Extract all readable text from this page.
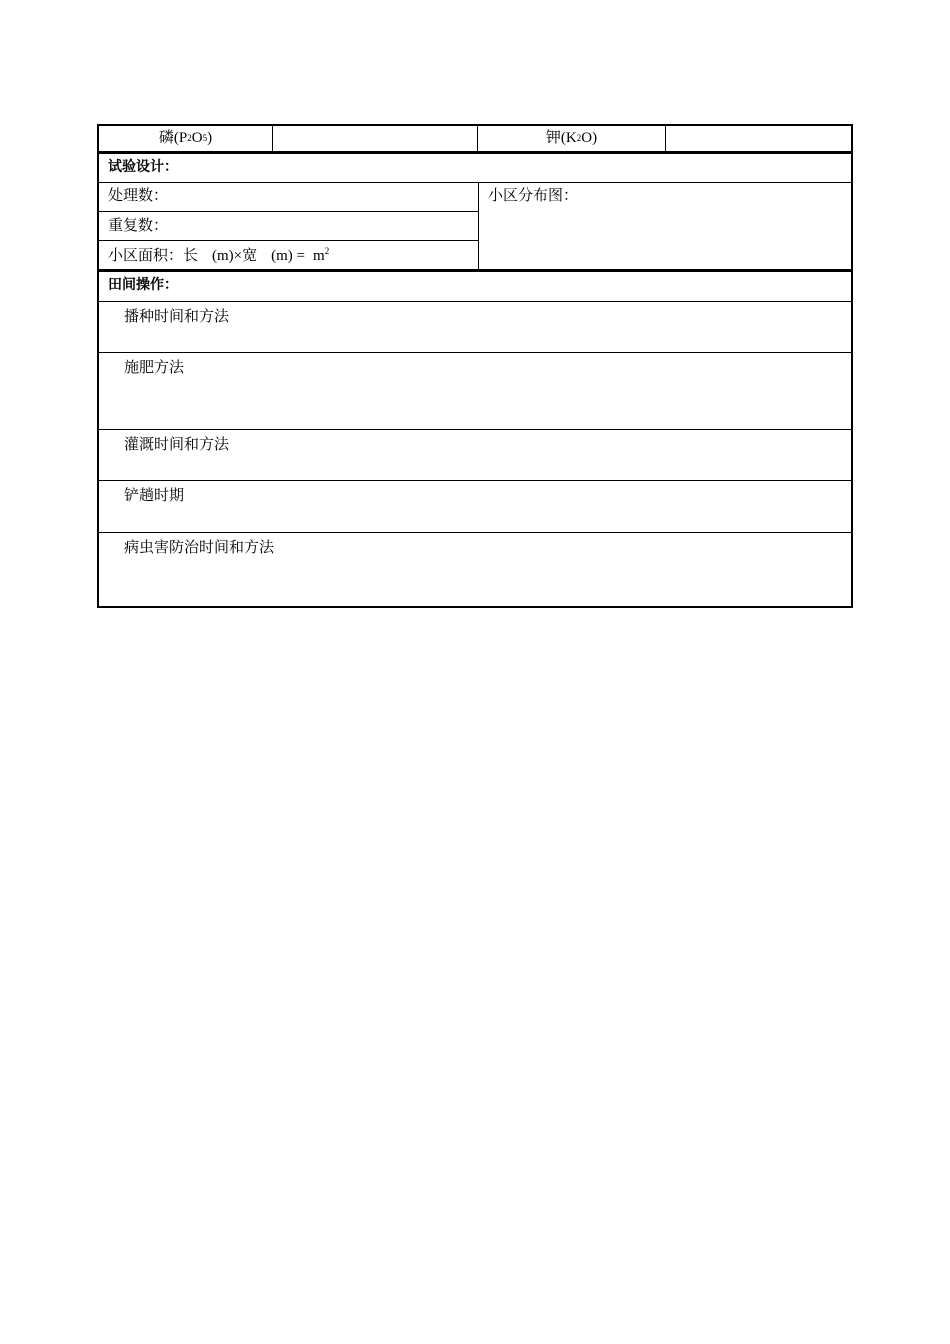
磷(P 2 O 5 )	钾(K 2 O)
试验设计：
处理数：
重复数：
小区面积：长 (m)×宽 $(m) = m^2$
小区分布图：
田间操作：
播种时间和方法
施肥方法
灌溉时间和方法
铲趟时期
病虫害防治时间和方法
